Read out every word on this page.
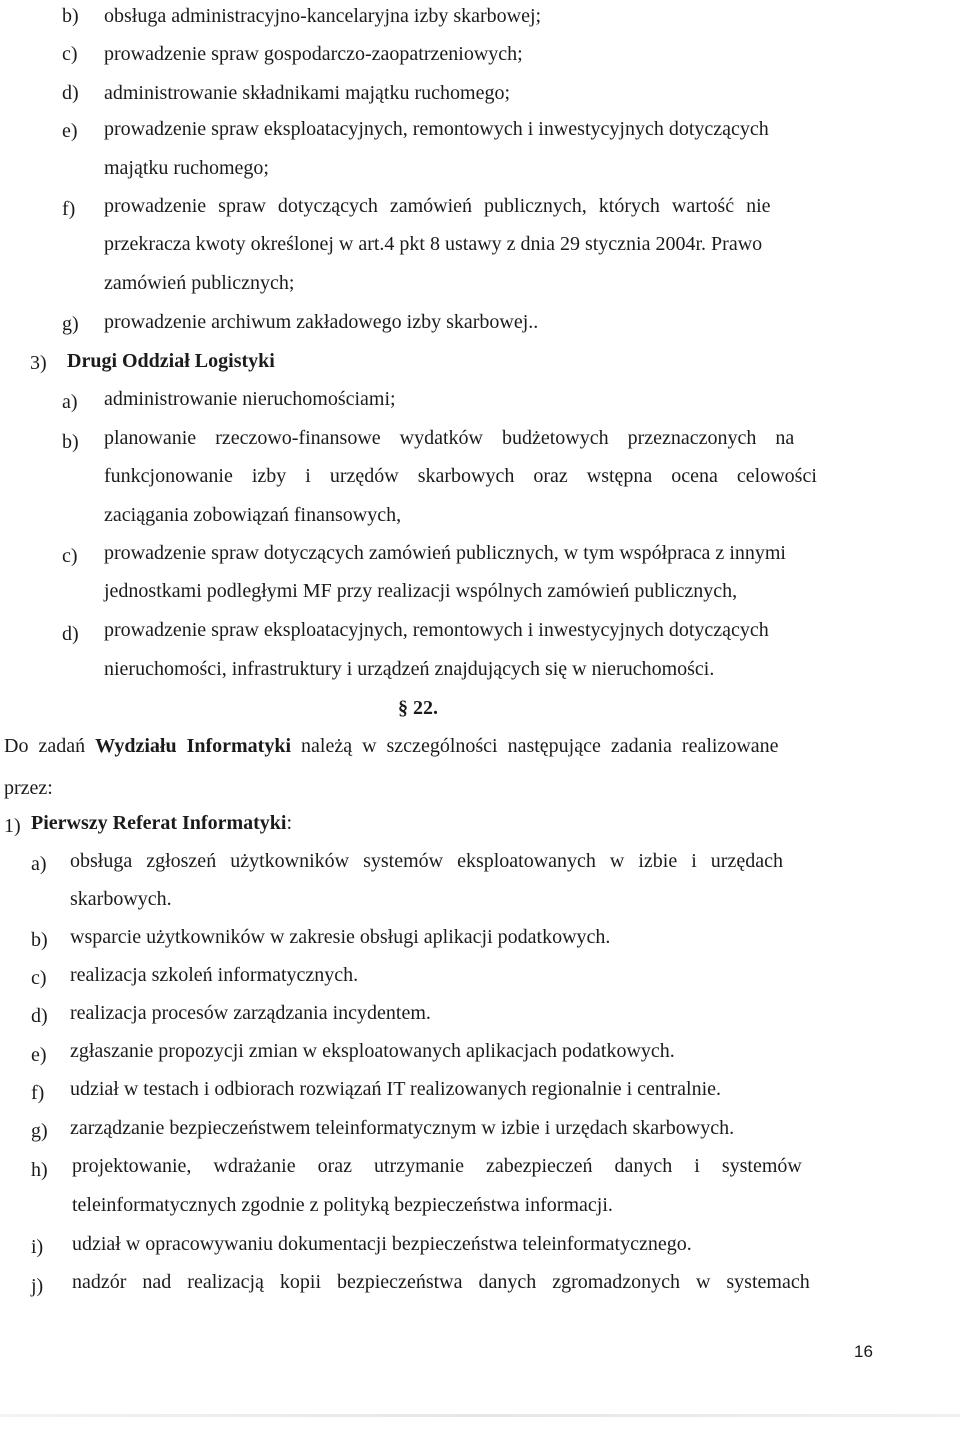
b) obsługa administracyjno-kancelaryjna izby skarbowej;
c) prowadzenie spraw gospodarczo-zaopatrzeniowych;
d) administrowanie składnikami majątku ruchomego;
e) prowadzenie spraw eksploatacyjnych, remontowych i inwestycyjnych dotyczących
majątku ruchomego;
f) prowadzenie spraw dotyczących zamówień publicznych, których wartość nie
przekracza kwoty określonej w art.4 pkt 8 ustawy z dnia 29 stycznia 2004r. Prawo
zamówień publicznych;
g) prowadzenie archiwum zakładowego izby skarbowej..
3) Drugi Oddział Logistyki
a) administrowanie nieruchomościami;
b) planowanie rzeczowo-finansowe wydatków budżetowych przeznaczonych na
funkcjonowanie izby i urzędów skarbowych oraz wstępna ocena celowości
zaciągania zobowiązań finansowych,
c) prowadzenie spraw dotyczących zamówień publicznych, w tym współpraca z innymi
jednostkami podległymi MF przy realizacji wspólnych zamówień publicznych,
d) prowadzenie spraw eksploatacyjnych, remontowych i inwestycyjnych dotyczących
nieruchomości, infrastruktury i urządzeń znajdujących się w nieruchomości.
§ 22.
Do zadań Wydziału Informatyki należą w szczególności następujące zadania realizowane
przez:
1) Pierwszy Referat Informatyki:
a) obsługa zgłoszeń użytkowników systemów eksploatowanych w izbie i urzędach
skarbowych.
b) wsparcie użytkowników w zakresie obsługi aplikacji podatkowych.
c) realizacja szkoleń informatycznych.
d) realizacja procesów zarządzania incydentem.
e) zgłaszanie propozycji zmian w eksploatowanych aplikacjach podatkowych.
f) udział w testach i odbiorach rozwiązań IT realizowanych regionalnie i centralnie.
g) zarządzanie bezpieczeństwem teleinformatycznym w izbie i urzędach skarbowych.
h) projektowanie, wdrażanie oraz utrzymanie zabezpieczeń danych i systemów
teleinformatycznych zgodnie z polityką bezpieczeństwa informacji.
i) udział w opracowywaniu dokumentacji bezpieczeństwa teleinformatycznego.
j) nadzór nad realizacją kopii bezpieczeństwa danych zgromadzonych w systemach
16
